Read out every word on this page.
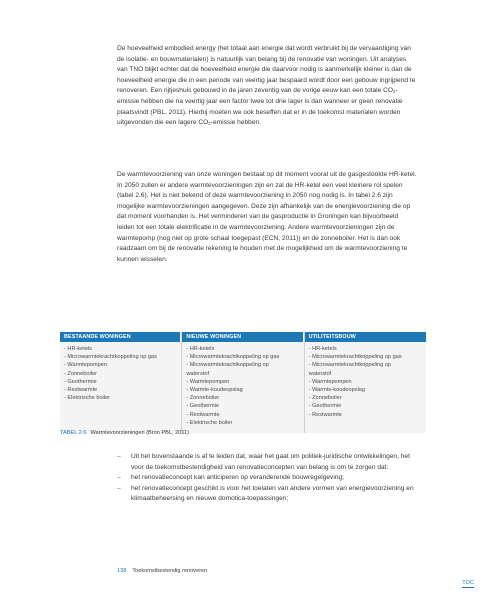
De hoeveelheid embodied energy (het totaal aan energie dat wordt verbruikt bij de vervaardiging van de isolatie- en bouwmaterialen) is natuurlijk van belang bij de renovatie van woningen. Uit analyses van TNO blijkt echter dat de hoeveelheid energie die daarvoor nodig is aanmerkelijk kleiner is dan de hoeveelheid energie die in een periode van veertig jaar bespaard wordt door een gebouw ingrijpend te renoveren. Een rijtjeshuis gebouwd in de jaren zeventig van de vorige eeuw kan een totale $CO_2$-emissie hebben die na veertig jaar een factor twee tot drie lager is dan wanneer er geen renovatie plaatsvindt (PBL, 2011). Hierbij moeten we ook beseffen dat er in de toekomst materialen worden uitgevonden die een lagere $CO_2$-emissie hebben.

De warmtevoorziening van onze woningen bestaat op dit moment vooral uit de gasgestookte HR-ketel. In 2050 zullen er andere warmtevoorzieningen zijn en zal de HR-ketel een veel kleinere rol spelen (tabel 2.6). Het is niet bekend of deze warmtevoorziening in 2050 nog nodig is. In tabel 2.6 zijn mogelijke warmtevoorzieningen aangegeven. Deze zijn afhankelijk van de energievoorziening die op dat moment voorhanden is. Het verminderen van de gasproductie in Groningen kan bijvoorbeeld leiden tot een totale elektrificatie in de warmtevoorziening. Andere warmtevoorzieningen zijn de warmtepomp (nog niet op grote schaal toegepast (ECN, 2011)) en de zonneboiler. Het is dan ook raadzaam om bij de renovatie rekening te houden met de mogelijkheid om de warmtevoorziening te kunnen wisselen.

BESTAANDE WONINGEN
- HR-ketels
- Microwarmtekrachtkoppeling op gas
- Warmtepompen
- Zonneboiler
- Geothermie
- Restwarmte
- Elektrische boiler
NIEUWE WONINGEN
- HR-ketels
- Microwarmtekrachtkoppeling op gas
- Microwarmtekrachtkoppeling op
waterstof
- Warmtepompen
- Warmte-koudeopslag
- Zonneboiler
- Geothermie
- Restwarmte
- Elektrische boiler
UTILITEITSBOUW
- HR-ketels
- Microwarmtekrachtkoppeling op gas
- Microwarmtekrachtkoppeling op
waterstof
- Warmtepompen
- Warmte-koudeopslag
- Zonneboiler
- Geothermie
- Restwarmte
TABEL 2.6 Warmtevoorzieningen (Bron PBL, 2011)

– Uit het bovenstaande is af te leiden dat, waar het gaat om politiek-juridische ontwikkelingen, het voor de toekomstbestendigheid van renovatieconcepten van belang is om te zorgen dat:

– het renovatieconcept kan anticiperen op veranderende bouwregelgeving;

– het renovatieconcept geschikt is voor het toelaten van andere vormen van energievoorziening en klimaatbeheersing en nieuwe domotica-toepassingen;

138 Toekomstbestendig renoveren
TOC
